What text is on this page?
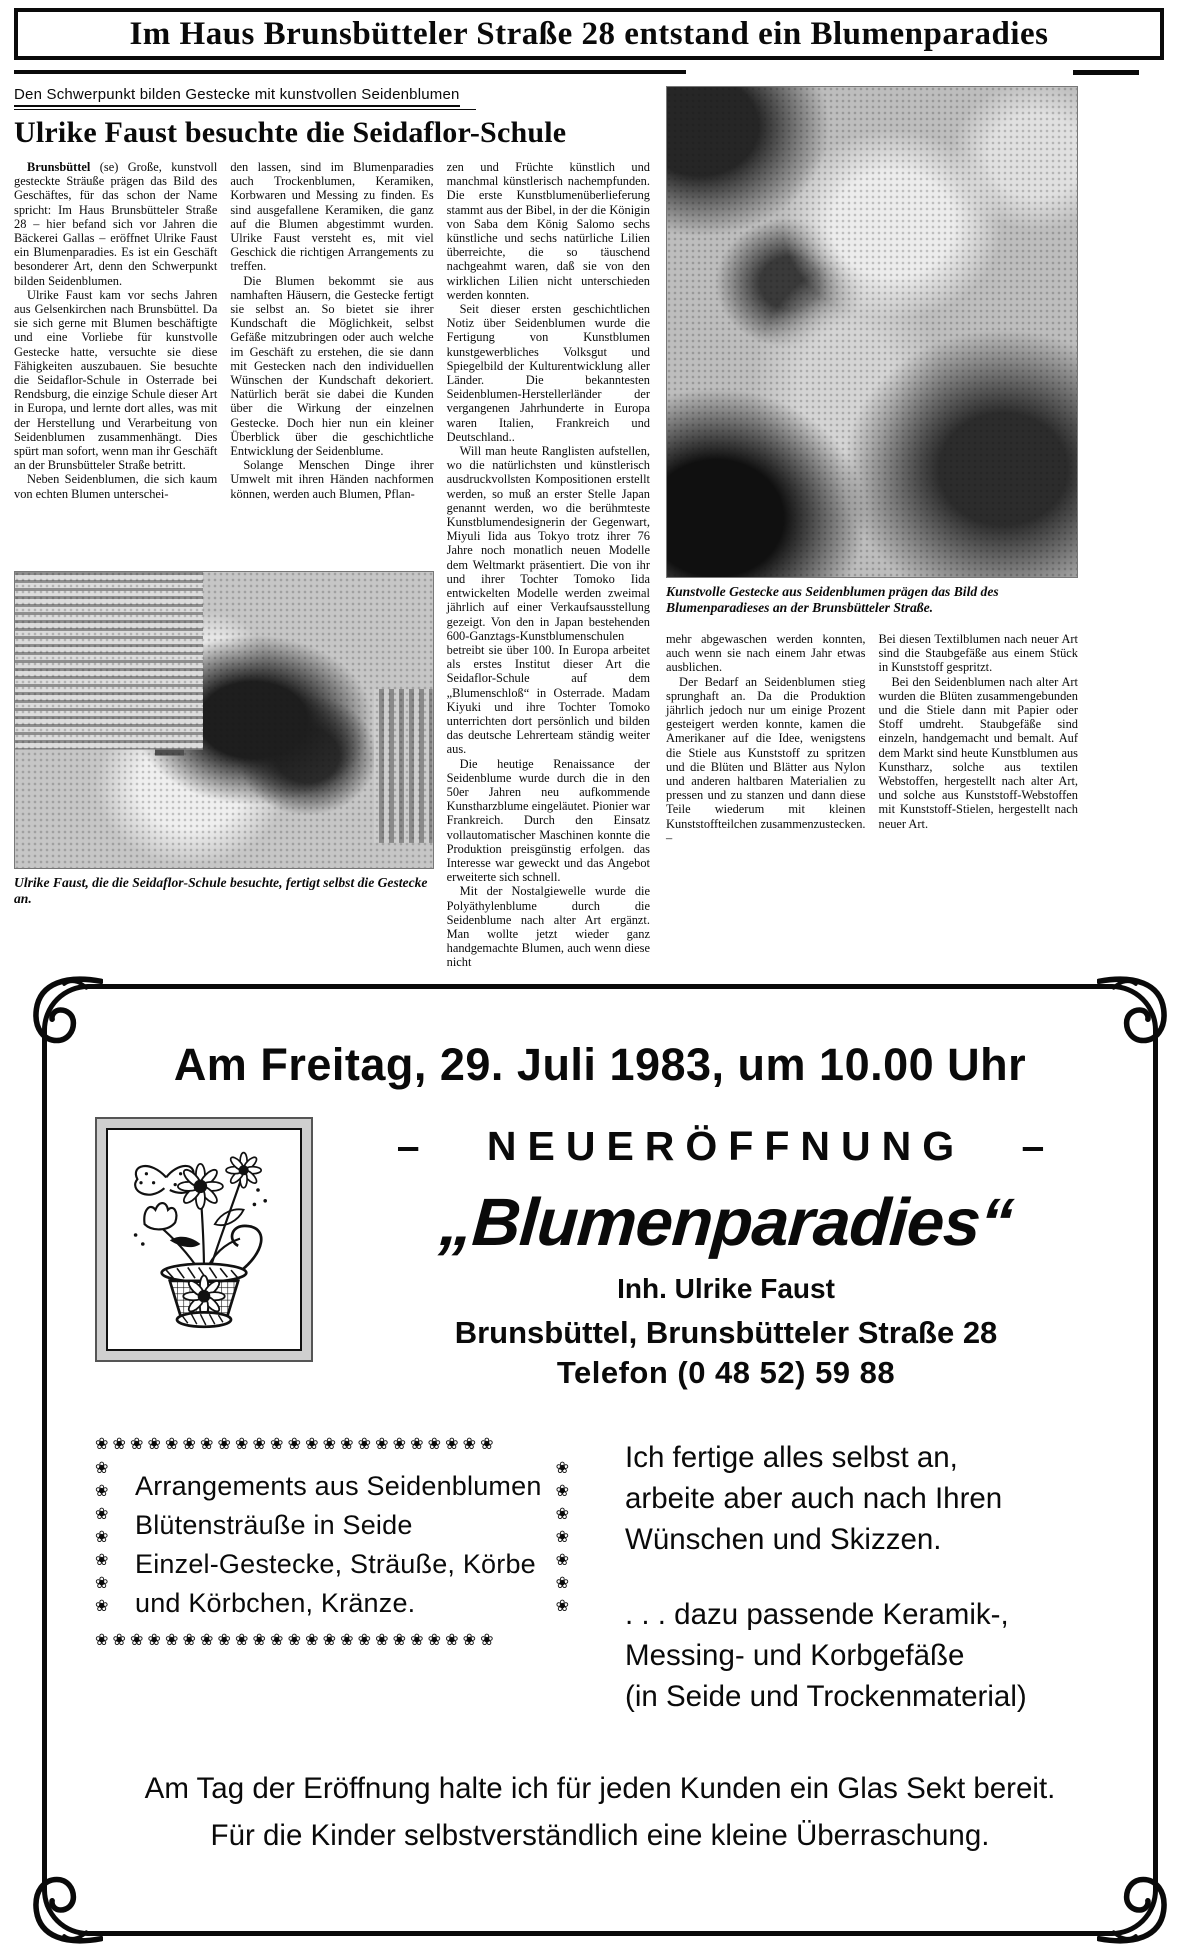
Im Haus Brunsbütteler Straße 28 entstand ein Blumenparadies
Den Schwerpunkt bilden Gestecke mit kunstvollen Seidenblumen
Ulrike Faust besuchte die Seidaflor-Schule

Brunsbüttel (se) Große, kunstvoll gesteckte Sträuße prägen das Bild des Geschäftes, für das schon der Name spricht: Im Haus Brunsbütteler Straße 28 – hier befand sich vor Jahren die Bäckerei Gallas – eröffnet Ulrike Faust ein Blumenparadies. Es ist ein Geschäft besonderer Art, denn den Schwerpunkt bilden Seidenblumen.

Ulrike Faust kam vor sechs Jahren aus Gelsenkirchen nach Brunsbüttel. Da sie sich gerne mit Blumen beschäftigte und eine Vorliebe für kunstvolle Gestecke hatte, versuchte sie diese Fähigkeiten auszubauen. Sie besuchte die Seidaflor-Schule in Osterrade bei Rendsburg, die einzige Schule dieser Art in Europa, und lernte dort alles, was mit der Herstellung und Verarbeitung von Seidenblumen zusammenhängt. Dies spürt man sofort, wenn man ihr Geschäft an der Brunsbütteler Straße betritt.

Neben Seidenblumen, die sich kaum von echten Blumen unterschei-

den lassen, sind im Blumenparadies auch Trockenblumen, Keramiken, Korbwaren und Messing zu finden. Es sind ausgefallene Keramiken, die ganz auf die Blumen abgestimmt wurden. Ulrike Faust versteht es, mit viel Geschick die richtigen Arrangements zu treffen.

Die Blumen bekommt sie aus namhaften Häusern, die Gestecke fertigt sie selbst an. So bietet sie ihrer Kundschaft die Möglichkeit, selbst Gefäße mitzubringen oder auch welche im Geschäft zu erstehen, die sie dann mit Gestecken nach den individuellen Wünschen der Kundschaft dekoriert. Natürlich berät sie dabei die Kunden über die Wirkung der einzelnen Gestecke. Doch hier nun ein kleiner Überblick über die geschichtliche Entwicklung der Seidenblume.

Solange Menschen Dinge ihrer Umwelt mit ihren Händen nachformen können, werden auch Blumen, Pflan-

zen und Früchte künstlich und manchmal künstlerisch nachempfunden. Die erste Kunstblumenüberlieferung stammt aus der Bibel, in der die Königin von Saba dem König Salomo sechs künstliche und sechs natürliche Lilien überreichte, die so täuschend nachgeahmt waren, daß sie von den wirklichen Lilien nicht unterschieden werden konnten.

Seit dieser ersten geschichtlichen Notiz über Seidenblumen wurde die Fertigung von Kunstblumen kunstgewerbliches Volksgut und Spiegelbild der Kulturentwicklung aller Länder. Die bekanntesten Seidenblumen-Herstellerländer der vergangenen Jahrhunderte in Europa waren Italien, Frankreich und Deutschland..

Will man heute Ranglisten aufstellen, wo die natürlichsten und künstlerisch ausdruckvollsten Kompositionen erstellt werden, so muß an erster Stelle Japan genannt werden, wo die berühmteste Kunstblumendesignerin der Gegenwart, Miyuli Iida aus Tokyo trotz ihrer 76 Jahre noch monatlich neuen Modelle dem Weltmarkt präsentiert. Die von ihr und ihrer Tochter Tomoko Iida entwickelten Modelle werden zweimal jährlich auf einer Verkaufsausstellung gezeigt. Von den in Japan bestehenden 600-Ganztags-Kunstblumenschulen betreibt sie über 100. In Europa arbeitet als erstes Institut dieser Art die Seidaflor-Schule auf dem „Blumenschloß“ in Osterrade. Madam Kiyuki und ihre Tochter Tomoko unterrichten dort persönlich und bilden das deutsche Lehrerteam ständig weiter aus.

Die heutige Renaissance der Seidenblume wurde durch die in den 50er Jahren neu aufkommende Kunstharzblume eingeläutet. Pionier war Frankreich. Durch den Einsatz vollautomatischer Maschinen konnte die Produktion preisgünstig erfolgen. das Interesse war geweckt und das Angebot erweiterte sich schnell.

Mit der Nostalgiewelle wurde die Polyäthylenblume durch die Seidenblume nach alter Art ergänzt. Man wollte jetzt wieder ganz handgemachte Blumen, auch wenn diese nicht

Ulrike Faust, die die Seidaflor-Schule besuchte, fertigt selbst die Gestecke an.
Kunstvolle Gestecke aus Seidenblumen prägen das Bild des Blumenparadieses an der Brunsbütteler Straße.

mehr abgewaschen werden konnten, auch wenn sie nach einem Jahr etwas ausblichen.

Der Bedarf an Seidenblumen stieg sprunghaft an. Da die Produktion jährlich jedoch nur um einige Prozent gesteigert werden konnte, kamen die Amerikaner auf die Idee, wenigstens die Stiele aus Kunststoff zu spritzen und die Blüten und Blätter aus Nylon und anderen haltbaren Materialien zu pressen und zu stanzen und dann diese Teile wiederum mit kleinen Kunststoffteilchen zusammenzustecken. –

Bei diesen Textilblumen nach neuer Art sind die Staubgefäße aus einem Stück in Kunststoff gespritzt.

Bei den Seidenblumen nach alter Art wurden die Blüten zusammengebunden und die Stiele dann mit Papier oder Stoff umdreht. Staubgefäße sind einzeln, handgemacht und bemalt. Auf dem Markt sind heute Kunstblumen aus Kunstharz, solche aus textilen Webstoffen, hergestellt nach alter Art, und solche aus Kunststoff-Webstoffen mit Kunststoff-Stielen, hergestellt nach neuer Art.

Am Freitag, 29. Juli 1983, um 10.00 Uhr
– NEUERÖFFNUNG –
„Blumenparadies“
Inh. Ulrike Faust
Brunsbüttel, Brunsbütteler Straße 28
Telefon (0 48 52) 59 88
❀❀❀❀❀❀❀❀❀❀❀❀❀❀❀❀❀❀❀❀❀❀❀
❀❀❀❀❀❀❀

Arrangements aus Seidenblumen

Blütensträuße in Seide

Einzel-Gestecke, Sträuße, Körbe

und Körbchen, Kränze.

❀❀❀❀❀❀❀
❀❀❀❀❀❀❀❀❀❀❀❀❀❀❀❀❀❀❀❀❀❀❀

Ich fertige alles selbst an,

arbeite aber auch nach Ihren

Wünschen und Skizzen.

. . . dazu passende Keramik-,

Messing- und Korbgefäße

(in Seide und Trockenmaterial)

Am Tag der Eröffnung halte ich für jeden Kunden ein Glas Sekt bereit.

Für die Kinder selbstverständlich eine kleine Überraschung.
